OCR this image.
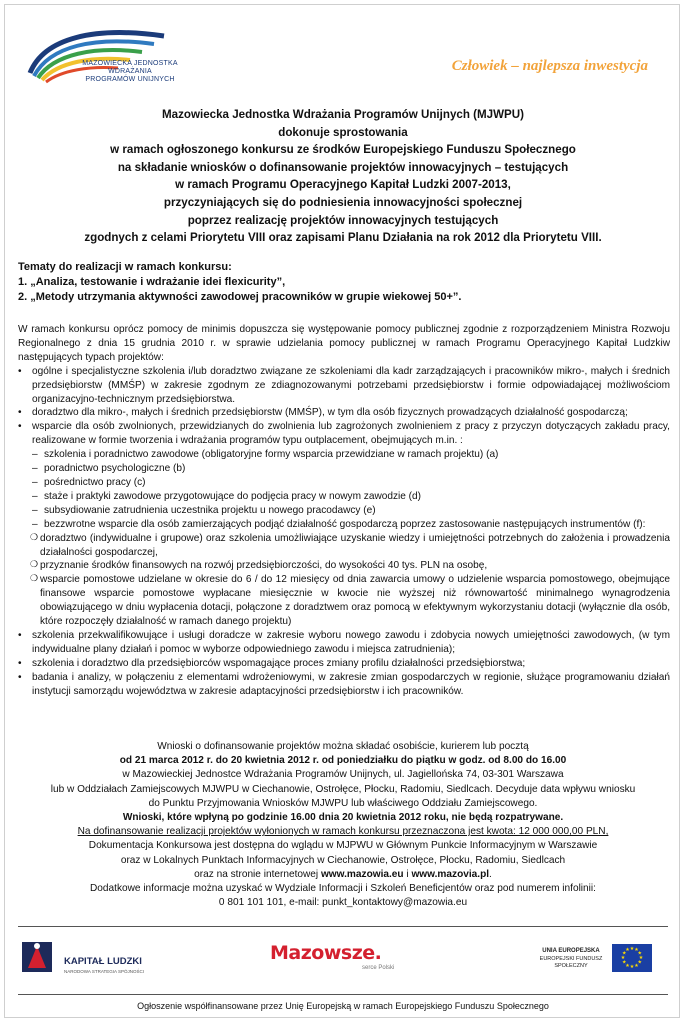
MAZOWIECKA JEDNOSTKA
WDRAŻANIA
PROGRAMÓW UNIJNYCH
Człowiek – najlepsza inwestycja
Mazowiecka Jednostka Wdrażania Programów Unijnych (MJWPU)
dokonuje sprostowania
w ramach ogłoszonego konkursu ze środków Europejskiego Funduszu Społecznego
na składanie wniosków o dofinansowanie projektów innowacyjnych – testujących
w ramach Programu Operacyjnego Kapitał Ludzki 2007-2013,
przyczyniających się do podniesienia innowacyjności społecznej
poprzez realizację projektów innowacyjnych testujących
zgodnych z celami Priorytetu VIII oraz zapisami Planu Działania na rok 2012 dla Priorytetu VIII.
Tematy do realizacji w ramach konkursu:
1. „Analiza, testowanie i wdrażanie idei flexicurity”,
2. „Metody utrzymania aktywności zawodowej pracowników w grupie wiekowej 50+”.

W ramach konkursu oprócz pomocy de minimis dopuszcza się występowanie pomocy publicznej zgodnie z rozporządzeniem Ministra Rozwoju Regionalnego z dnia 15 grudnia 2010 r. w sprawie udzielania pomocy publicznej w ramach Programu Operacyjnego Kapitał Ludzkiw następujących typach projektów:

• ogólne i specjalistyczne szkolenia i/lub doradztwo związane ze szkoleniami dla kadr zarządzających i pracowników mikro-, małych i średnich przedsiębiorstw (MMŚP) w zakresie zgodnym ze zdiagnozowanymi potrzebami przedsiębiorstw i formie odpowiadającej możliwościom organizacyjno-technicznym przedsiębiorstwa.
• doradztwo dla mikro-, małych i średnich przedsiębiorstw (MMŚP), w tym dla osób fizycznych prowadzących działalność gospodarczą;
• wsparcie dla osób zwolnionych, przewidzianych do zwolnienia lub zagrożonych zwolnieniem z pracy z przyczyn dotyczących zakładu pracy, realizowane w formie tworzenia i wdrażania programów typu outplacement, obejmujących m.in. :
– szkolenia i poradnictwo zawodowe (obligatoryjne formy wsparcia przewidziane w ramach projektu) (a)
– poradnictwo psychologiczne (b)
– pośrednictwo pracy (c)
– staże i praktyki zawodowe przygotowujące do podjęcia pracy w nowym zawodzie (d)
– subsydiowanie zatrudnienia uczestnika projektu u nowego pracodawcy (e)
– bezzwrotne wsparcie dla osób zamierzających podjąć działalność gospodarczą poprzez zastosowanie następujących instrumentów (f):
❍ doradztwo (indywidualne i grupowe) oraz szkolenia umożliwiające uzyskanie wiedzy i umiejętności potrzebnych do założenia i prowadzenia działalności gospodarczej,
❍ przyznanie środków finansowych na rozwój przedsiębiorczości, do wysokości 40 tys. PLN na osobę,
❍ wsparcie pomostowe udzielane w okresie do 6 / do 12 miesięcy od dnia zawarcia umowy o udzielenie wsparcia pomostowego, obejmujące finansowe wsparcie pomostowe wypłacane miesięcznie w kwocie nie wyższej niż równowartość minimalnego wynagrodzenia obowiązującego w dniu wypłacenia dotacji, połączone z doradztwem oraz pomocą w efektywnym wykorzystaniu dotacji (wyłącznie dla osób, które rozpoczęły działalność w ramach danego projektu)
• szkolenia przekwalifikowujące i usługi doradcze w zakresie wyboru nowego zawodu i zdobycia nowych umiejętności zawodowych, (w tym indywidualne plany działań i pomoc w wyborze odpowiedniego zawodu i miejsca zatrudnienia);
• szkolenia i doradztwo dla przedsiębiorców wspomagające proces zmiany profilu działalności przedsiębiorstwa;
• badania i analizy, w połączeniu z elementami wdrożeniowymi, w zakresie zmian gospodarczych w regionie, służące programowaniu działań instytucji samorządu województwa w zakresie adaptacyjności przedsiębiorstw i ich pracowników.
Wnioski o dofinansowanie projektów można składać osobiście, kurierem lub pocztą
od 21 marca 2012 r. do 20 kwietnia 2012 r. od poniedziałku do piątku w godz. od 8.00 do 16.00
w Mazowieckiej Jednostce Wdrażania Programów Unijnych, ul. Jagiellońska 74, 03-301 Warszawa
lub w Oddziałach Zamiejscowych MJWPU w Ciechanowie, Ostrołęce, Płocku, Radomiu, Siedlcach. Decyduje data wpływu wniosku
do Punktu Przyjmowania Wniosków MJWPU lub właściwego Oddziału Zamiejscowego.
Wnioski, które wpłyną po godzinie 16.00 dnia 20 kwietnia 2012 roku, nie będą rozpatrywane.
Na dofinansowanie realizacji projektów wyłonionych w ramach konkursu przeznaczona jest kwota: 12 000 000,00 PLN,
Dokumentacja Konkursowa jest dostępna do wglądu w MJPWU w Głównym Punkcie Informacyjnym w Warszawie
oraz w Lokalnych Punktach Informacyjnych w Ciechanowie, Ostrołęce, Płocku, Radomiu, Siedlcach
oraz na stronie internetowej www.mazowia.eu i www.mazovia.pl.
Dodatkowe informacje można uzyskać w Wydziale Informacji i Szkoleń Beneficjentów oraz pod numerem infolinii:
0 801 101 101, e-mail: punkt_kontaktowy@mazowia.eu
KAPITAŁ LUDZKI
NARODOWA STRATEGIA SPÓJNOŚCI
Mazowsze.
serce Polski
UNIA EUROPEJSKA
EUROPEJSKI FUNDUSZ SPOŁECZNY
★ ★
★
★
★
★
★
★
★
★
★
★
Ogłoszenie współfinansowane przez Unię Europejską w ramach Europejskiego Funduszu Społecznego
